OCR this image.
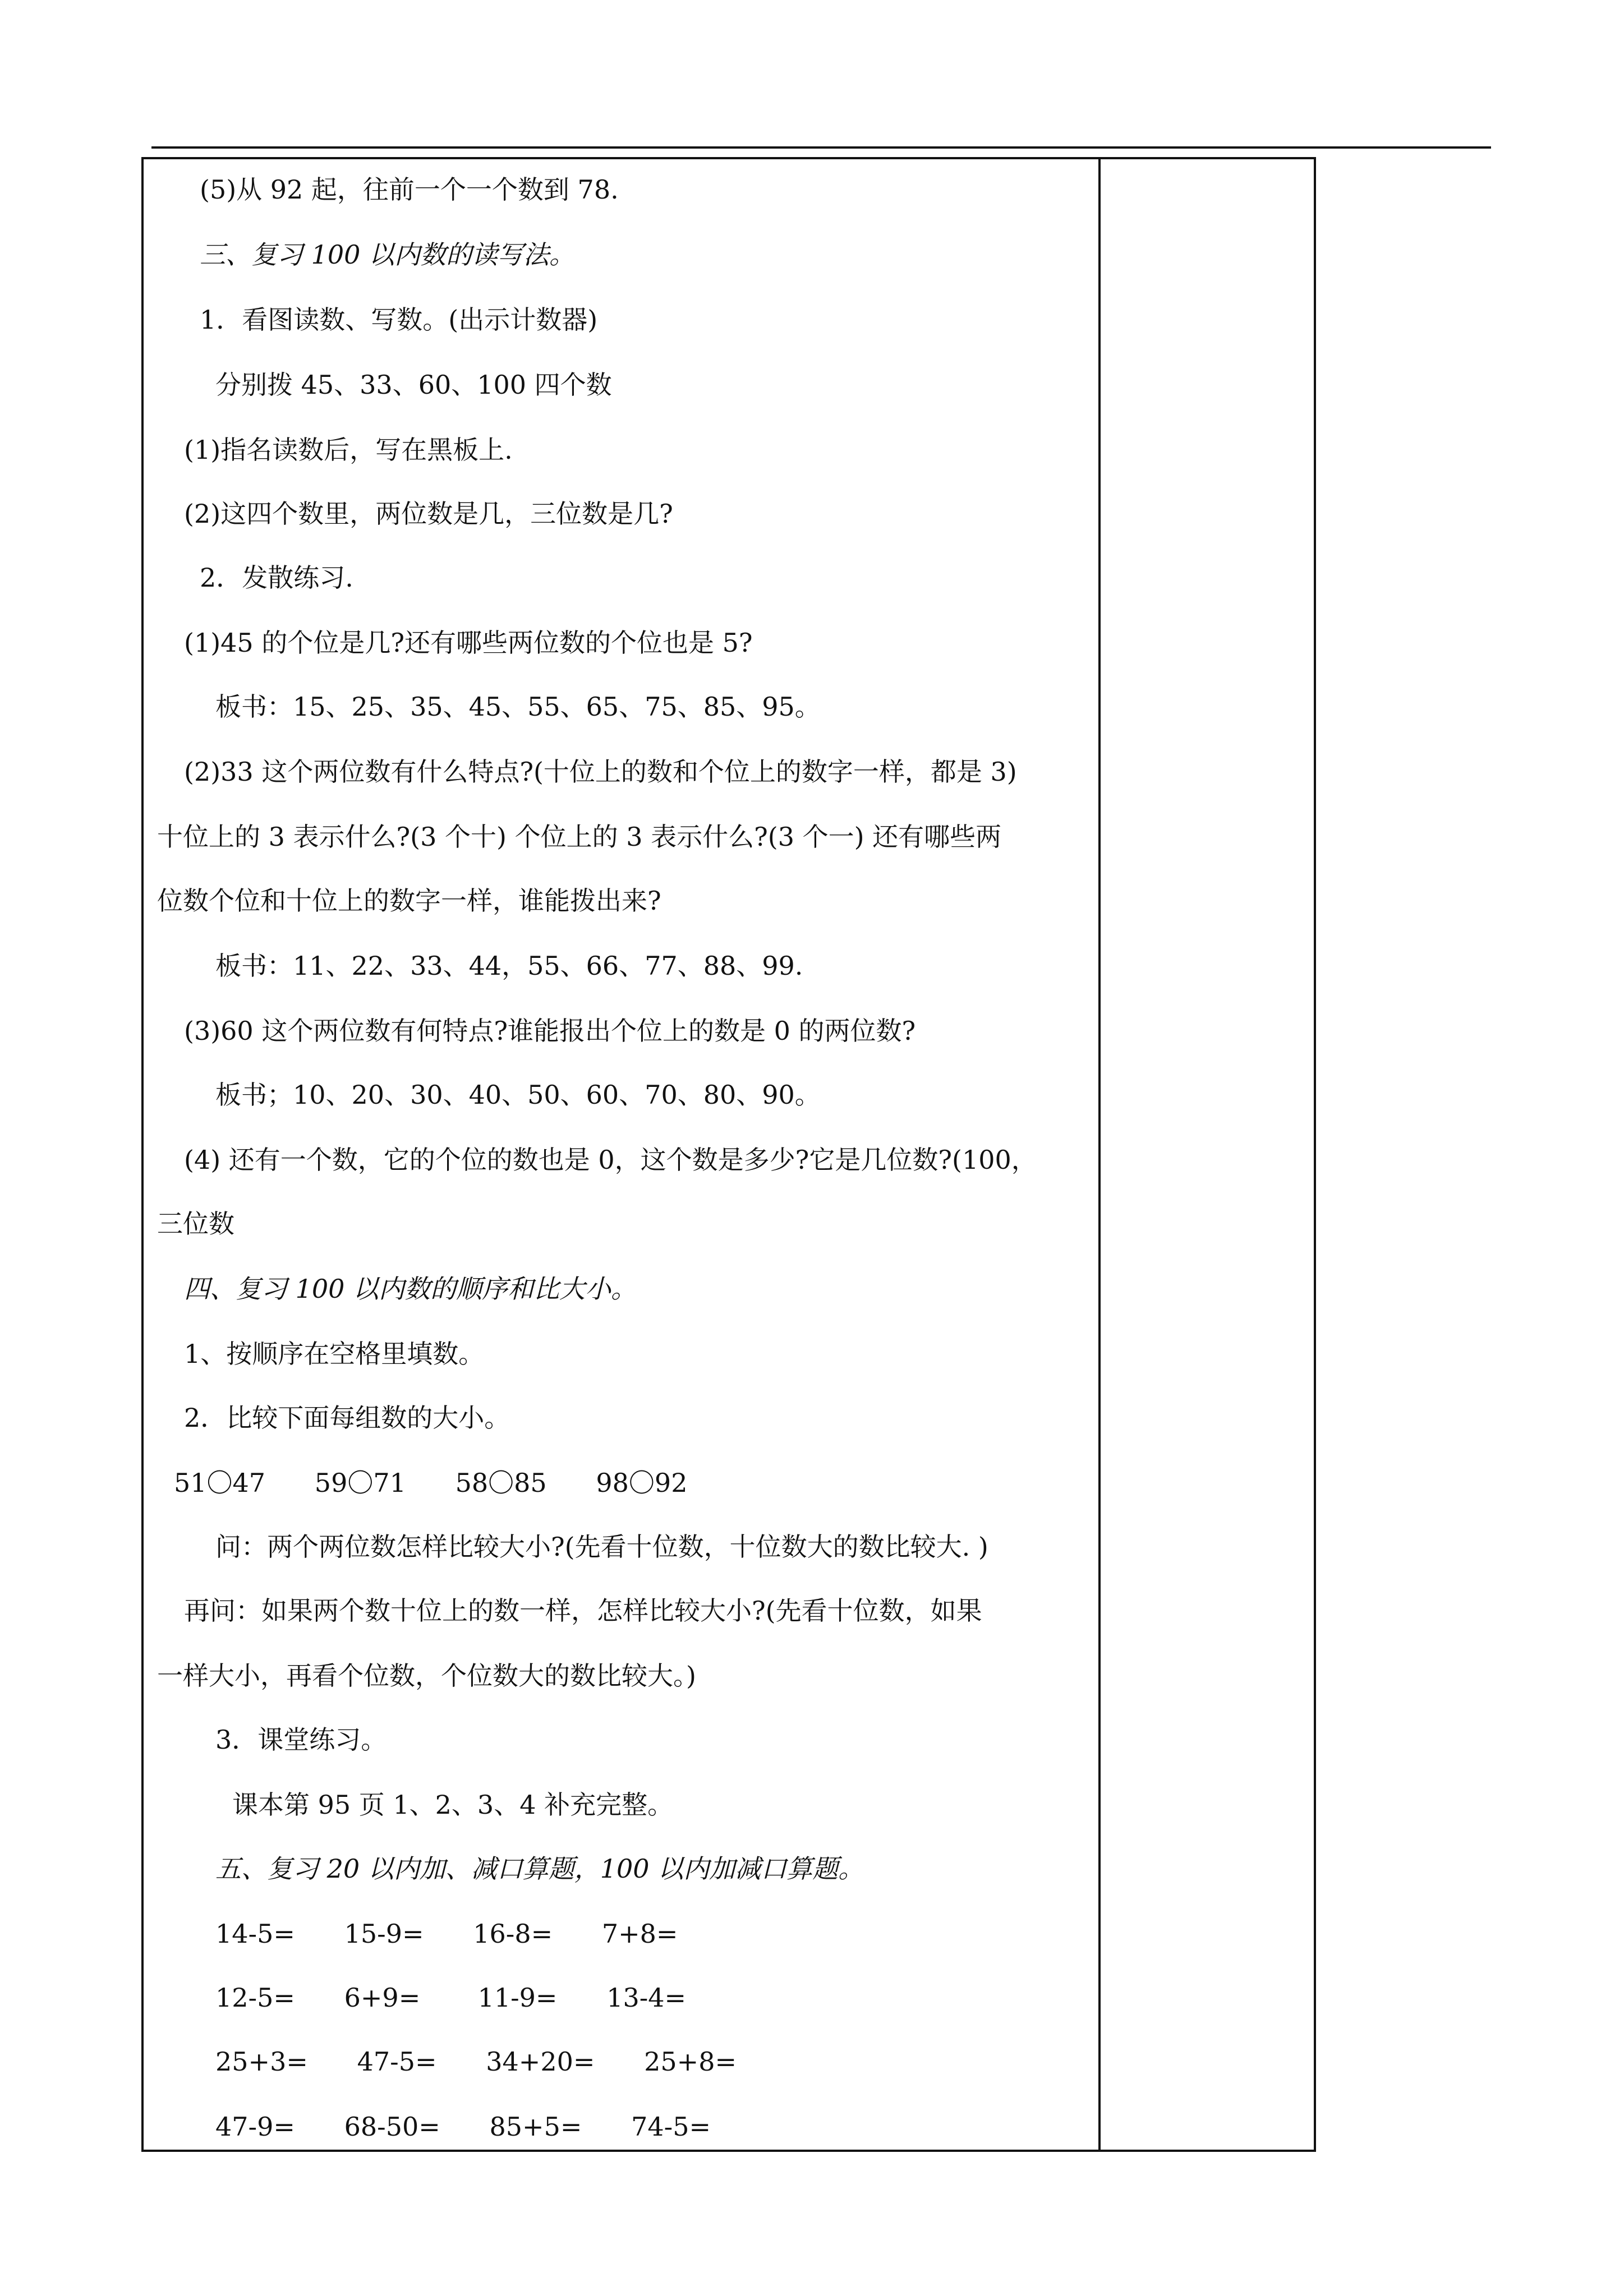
(5)从 92 起，往前一个一个数到 78.
三、复习 100 以内数的读写法。
1．看图读数、写数。(出示计数器)
分别拨 45、33、60、100 四个数
(1)指名读数后，写在黑板上.
(2)这四个数里，两位数是几，三位数是几?
2．发散练习.
(1)45 的个位是几?还有哪些两位数的个位也是 5?
板书：15、25、35、45、55、65、75、85、95。
(2)33 这个两位数有什么特点?(十位上的数和个位上的数字一样，都是 3)
十位上的 3 表示什么?(3 个十) 个位上的 3 表示什么?(3 个一) 还有哪些两
位数个位和十位上的数字一样，谁能拨出来?
板书：11、22、33、44，55、66、77、88、99.
(3)60 这个两位数有何特点?谁能报出个位上的数是 0 的两位数?
板书；10、20、30、40、50、60、70、80、90。
(4) 还有一个数，它的个位的数也是 0，这个数是多少?它是几位数?(100，
三位数
四、复习 100 以内数的顺序和比大小。
1、按顺序在空格里填数。
2．比较下面每组数的大小。
51〇47      59〇71      58〇85      98〇92
问：两个两位数怎样比较大小?(先看十位数，十位数大的数比较大. )
再问：如果两个数十位上的数一样，怎样比较大小?(先看十位数，如果
一样大小，再看个位数，个位数大的数比较大。)
3．课堂练习。
课本第 95 页 1、2、3、4 补充完整。
五、复习 20 以内加、减口算题，100 以内加减口算题。
14-5=      15-9=      16-8=      7+8=
12-5=      6+9=       11-9=      13-4=
25+3=      47-5=      34+20=      25+8=
47-9=      68-50=      85+5=      74-5=
